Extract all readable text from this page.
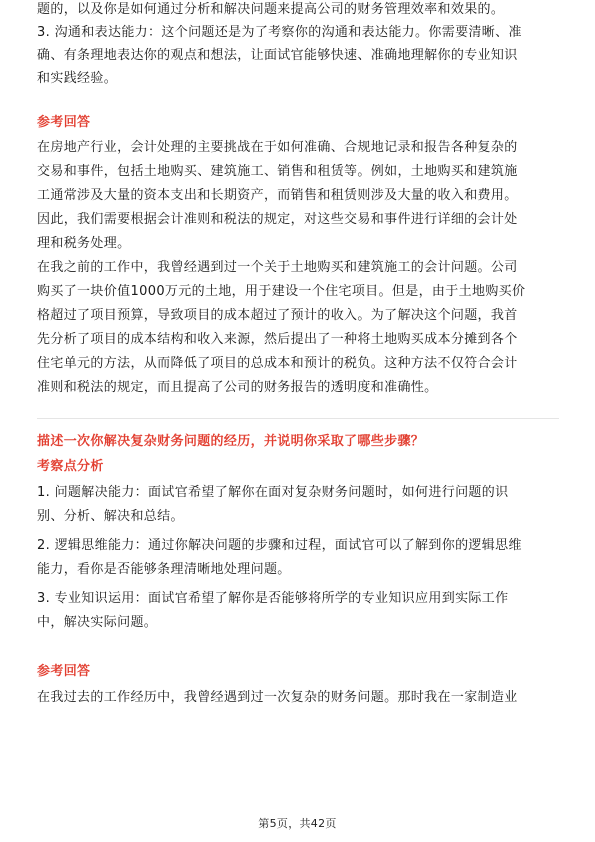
题的，以及你是如何通过分析和解决问题来提高公司的财务管理效率和效果的。
3. 沟通和表达能力：这个问题还是为了考察你的沟通和表达能力。你需要清晰、准
确、有条理地表达你的观点和想法，让面试官能够快速、准确地理解你的专业知识
和实践经验。
参考回答
在房地产行业，会计处理的主要挑战在于如何准确、合规地记录和报告各种复杂的
交易和事件，包括土地购买、建筑施工、销售和租赁等。例如，土地购买和建筑施
工通常涉及大量的资本支出和长期资产，而销售和租赁则涉及大量的收入和费用。
因此，我们需要根据会计准则和税法的规定，对这些交易和事件进行详细的会计处
理和税务处理。
在我之前的工作中，我曾经遇到过一个关于土地购买和建筑施工的会计问题。公司
购买了一块价值1000万元的土地，用于建设一个住宅项目。但是，由于土地购买价
格超过了项目预算，导致项目的成本超过了预计的收入。为了解决这个问题，我首
先分析了项目的成本结构和收入来源，然后提出了一种将土地购买成本分摊到各个
住宅单元的方法，从而降低了项目的总成本和预计的税负。这种方法不仅符合会计
准则和税法的规定，而且提高了公司的财务报告的透明度和准确性。
描述一次你解决复杂财务问题的经历，并说明你采取了哪些步骤？
考察点分析
1. 问题解决能力：面试官希望了解你在面对复杂财务问题时，如何进行问题的识
别、分析、解决和总结。
2. 逻辑思维能力：通过你解决问题的步骤和过程，面试官可以了解到你的逻辑思维
能力，看你是否能够条理清晰地处理问题。
3. 专业知识运用：面试官希望了解你是否能够将所学的专业知识应用到实际工作
中，解决实际问题。
参考回答
在我过去的工作经历中，我曾经遇到过一次复杂的财务问题。那时我在一家制造业
第5页，共42页
